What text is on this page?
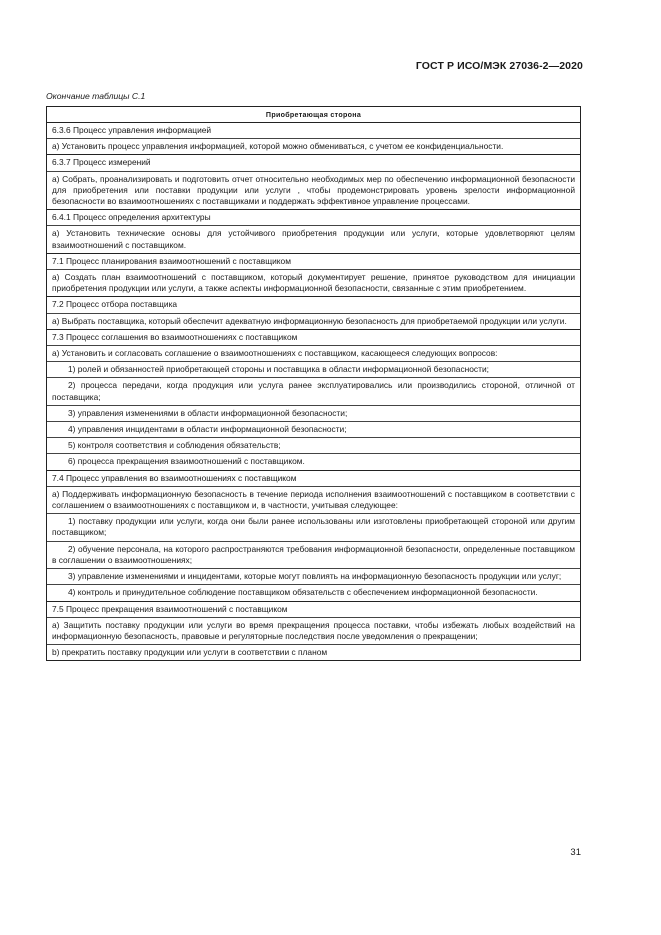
ГОСТ Р ИСО/МЭК 27036-2—2020
Окончание таблицы С.1
Приобретающая сторона
6.3.6 Процесс управления информацией
а) Установить процесс управления информацией, которой можно обмениваться, с учетом ее конфиденциальности.
6.3.7 Процесс измерений
а) Собрать, проанализировать и подготовить отчет относительно необходимых мер по обеспечению информационной безопасности для приобретения или поставки продукции или услуги , чтобы продемонстрировать уровень зрелости информационной безопасности во взаимоотношениях с поставщиками и поддержать эффективное управление процессами.
6.4.1 Процесс определения архитектуры
а) Установить технические основы для устойчивого приобретения продукции или услуги, которые удовлетворяют целям взаимоотношений с поставщиком.
7.1 Процесс планирования взаимоотношений с поставщиком
а) Создать план взаимоотношений с поставщиком, который документирует решение, принятое руководством для инициации приобретения продукции или услуги, а также аспекты информационной безопасности, связанные с этим приобретением.
7.2 Процесс отбора поставщика
а) Выбрать поставщика, который обеспечит адекватную информационную безопасность для приобретаемой продукции или услуги.
7.3 Процесс соглашения во взаимоотношениях с поставщиком
а) Установить и согласовать соглашение о взаимоотношениях с поставщиком, касающееся следующих вопросов:
1) ролей и обязанностей приобретающей стороны и поставщика в области информационной безопасности;
2) процесса передачи, когда продукция или услуга ранее эксплуатировались или производились стороной, отличной от поставщика;
3) управления изменениями в области информационной безопасности;
4) управления инцидентами в области информационной безопасности;
5) контроля соответствия и соблюдения обязательств;
6) процесса прекращения взаимоотношений с поставщиком.
7.4 Процесс управления во взаимоотношениях с поставщиком
а) Поддерживать информационную безопасность в течение периода исполнения взаимоотношений с поставщиком в соответствии с соглашением о взаимоотношениях с поставщиком и, в частности, учитывая следующее:
1) поставку продукции или услуги, когда они были ранее использованы или изготовлены приобретающей стороной или другим поставщиком;
2) обучение персонала, на которого распространяются требования информационной безопасности, определенные поставщиком в соглашении о взаимоотношениях;
3) управление изменениями и инцидентами, которые могут повлиять на информационную безопасность продукции или услуг;
4) контроль и принудительное соблюдение поставщиком обязательств с обеспечением информационной безопасности.
7.5 Процесс прекращения взаимоотношений с поставщиком
а) Защитить поставку продукции или услуги во время прекращения процесса поставки, чтобы избежать любых воздействий на информационную безопасность, правовые и регуляторные последствия после уведомления о прекращении;
b) прекратить поставку продукции или услуги в соответствии с планом
31
